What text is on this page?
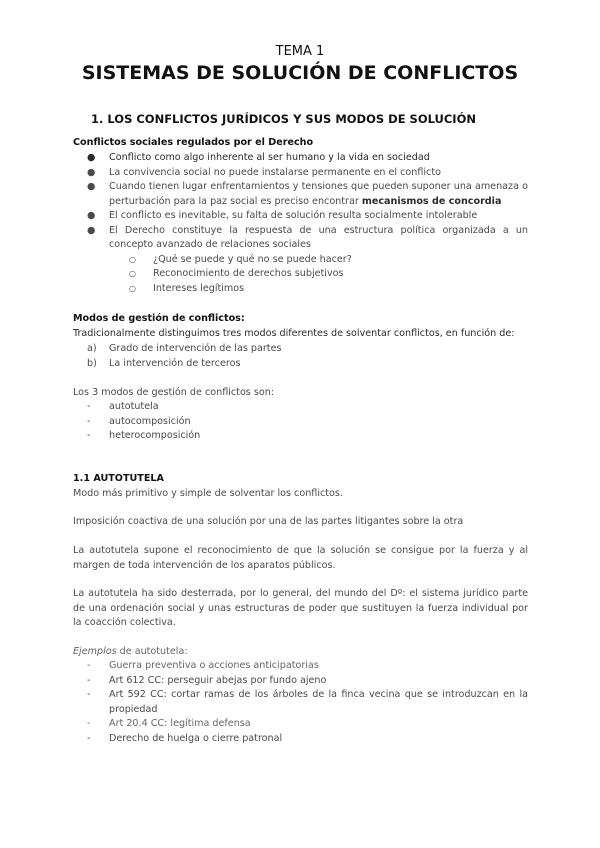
TEMA 1
SISTEMAS DE SOLUCIÓN DE CONFLICTOS
1. LOS CONFLICTOS JURÍDICOS Y SUS MODOS DE SOLUCIÓN
Conflictos sociales regulados por el Derecho
● Conflicto como algo inherente al ser humano y la vida en sociedad
● La convivencia social no puede instalarse permanente en el conflicto
● Cuando tienen lugar enfrentamientos y tensiones que pueden suponer una amenaza o perturbación para la paz social es preciso encontrar mecanismos de concordia
● El conflicto es inevitable, su falta de solución resulta socialmente intolerable
● El Derecho constituye la respuesta de una estructura política organizada a un concepto avanzado de relaciones sociales
○ ¿Qué se puede y qué no se puede hacer?
○ Reconocimiento de derechos subjetivos
○ Intereses legítimos
Modos de gestión de conflictos:
Tradicionalmente distinguimos tres modos diferentes de solventar conflictos, en función de:
a) Grado de intervención de las partes
b) La intervención de terceros
Los 3 modos de gestión de conflictos son:
- autotutela
- autocomposición
- heterocomposición
1.1 AUTOTUTELA
Modo más primitivo y simple de solventar los conflictos.
Imposición coactiva de una solución por una de las partes litigantes sobre la otra
La autotutela supone el reconocimiento de que la solución se consigue por la fuerza y al margen de toda intervención de los aparatos públicos.
La autotutela ha sido desterrada, por lo general, del mundo del Dº: el sistema jurídico parte de una ordenación social y unas estructuras de poder que sustituyen la fuerza individual por la coacción colectiva.
Ejemplos de autotutela:
- Guerra preventiva o acciones anticipatorias
- Art 612 CC: perseguir abejas por fundo ajeno
- Art 592 CC: cortar ramas de los árboles de la finca vecina que se introduzcan en la propiedad
- Art 20.4 CC: legítima defensa
- Derecho de huelga o cierre patronal
